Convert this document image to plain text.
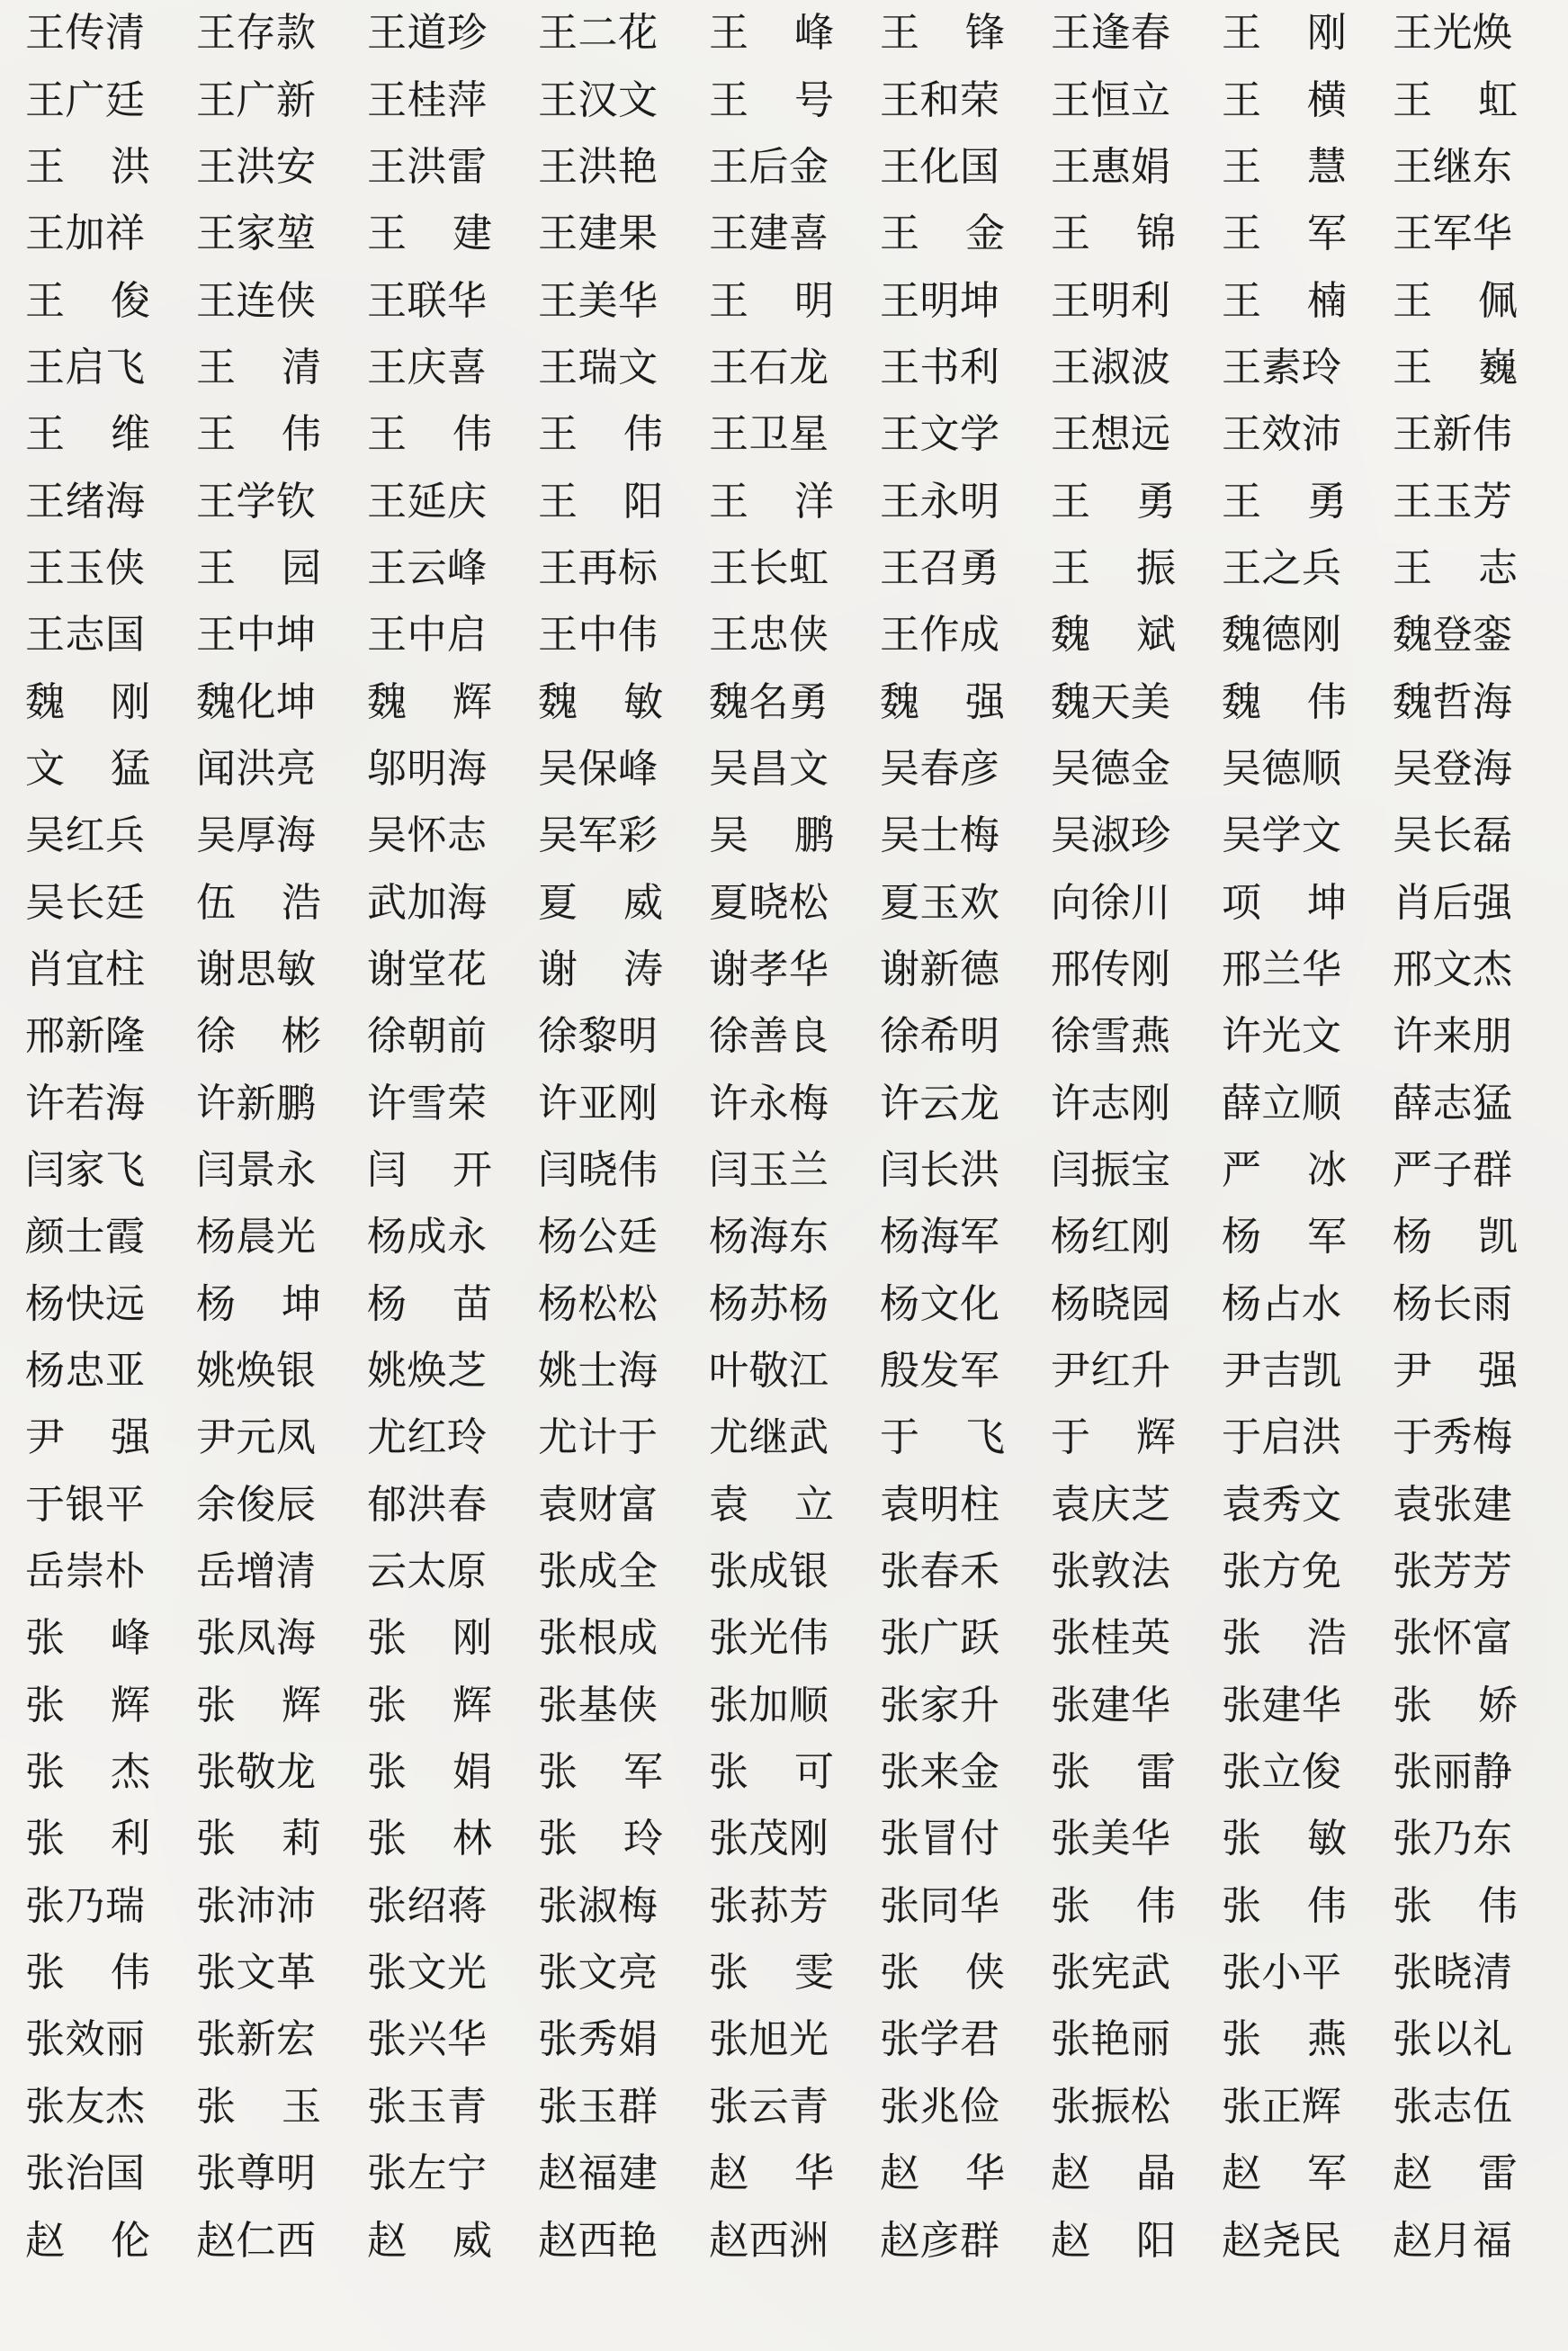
王传清	王存款	王道珍	王二花	王 峰 王 锋 王逢春	王 刚 王光焕
王广廷	王广新	王桂萍	王汉文	王 号 王和荣	王恒立	王 横 王 虹
王 洪 王洪安	王洪雷	王洪艳	王后金	王化国	王惠娟	王 慧 王继东
王加祥	王家堃	王 建 王建果	王建喜	王 金 王 锦 王 军 王军华
王 俊 王连侠	王联华	王美华	王 明 王明坤	王明利	王 楠 王 佩
王启飞	王 清 王庆喜	王瑞文	王石龙	王书利	王淑波	王素玲	王 巍
王 维 王 伟 王 伟 王 伟 王卫星	王文学	王想远	王效沛	王新伟
王绪海	王学钦	王延庆	王 阳 王 洋 王永明	王 勇 王 勇 王玉芳
王玉侠	王 园 王云峰	王再标	王长虹	王召勇	王 振 王之兵	王 志
王志国	王中坤	王中启	王中伟	王忠侠	王作成	魏 斌 魏德刚	魏登銮
魏 刚 魏化坤	魏 辉 魏 敏 魏名勇	魏 强 魏天美	魏 伟 魏哲海
文 猛 闻洪亮	邬明海	吴保峰	吴昌文	吴春彦	吴德金	吴德顺	吴登海
吴红兵	吴厚海	吴怀志	吴军彩	吴 鹏 吴士梅	吴淑珍	吴学文	吴长磊
吴长廷	伍 浩 武加海	夏 威 夏晓松	夏玉欢	向徐川	项 坤 肖后强
肖宜柱	谢思敏	谢堂花	谢 涛 谢孝华	谢新德	邢传刚	邢兰华	邢文杰
邢新隆	徐 彬 徐朝前	徐黎明	徐善良	徐希明	徐雪燕	许光文	许来朋
许若海	许新鹏	许雪荣	许亚刚	许永梅	许云龙	许志刚	薛立顺	薛志猛
闫家飞	闫景永	闫 开 闫晓伟	闫玉兰	闫长洪	闫振宝	严 冰 严子群
颜士霞	杨晨光	杨成永	杨公廷	杨海东	杨海军	杨红刚	杨 军 杨 凯
杨快远	杨 坤 杨 苗 杨松松	杨苏杨	杨文化	杨晓园	杨占水	杨长雨
杨忠亚	姚焕银	姚焕芝	姚士海	叶敬江	殷发军	尹红升	尹吉凯	尹 强
尹 强 尹元凤	尤红玲	尤计于	尤继武	于 飞 于 辉 于启洪	于秀梅
于银平	余俊辰	郁洪春	袁财富	袁 立 袁明柱	袁庆芝	袁秀文	袁张建
岳崇朴	岳增清	云太原	张成全	张成银	张春禾	张敦法	张方免	张芳芳
张 峰 张凤海	张 刚 张根成	张光伟	张广跃	张桂英	张 浩 张怀富
张 辉 张 辉 张 辉 张基侠	张加顺	张家升	张建华	张建华	张 娇
张 杰 张敬龙	张 娟 张 军 张 可 张来金	张 雷 张立俊	张丽静
张 利 张 莉 张 林 张 玲 张茂刚	张冒付	张美华	张 敏 张乃东
张乃瑞	张沛沛	张绍蒋	张淑梅	张荪芳	张同华	张 伟 张 伟 张 伟
张 伟 张文革	张文光	张文亮	张 雯 张 侠 张宪武	张小平	张晓清
张效丽	张新宏	张兴华	张秀娟	张旭光	张学君	张艳丽	张 燕 张以礼
张友杰	张 玉 张玉青	张玉群	张云青	张兆俭	张振松	张正辉	张志伍
张治国	张尊明	张左宁	赵福建	赵 华 赵 华 赵 晶 赵 军 赵 雷
赵 伦 赵仁西	赵 威 赵西艳	赵西洲	赵彦群	赵 阳 赵尧民	赵月福
